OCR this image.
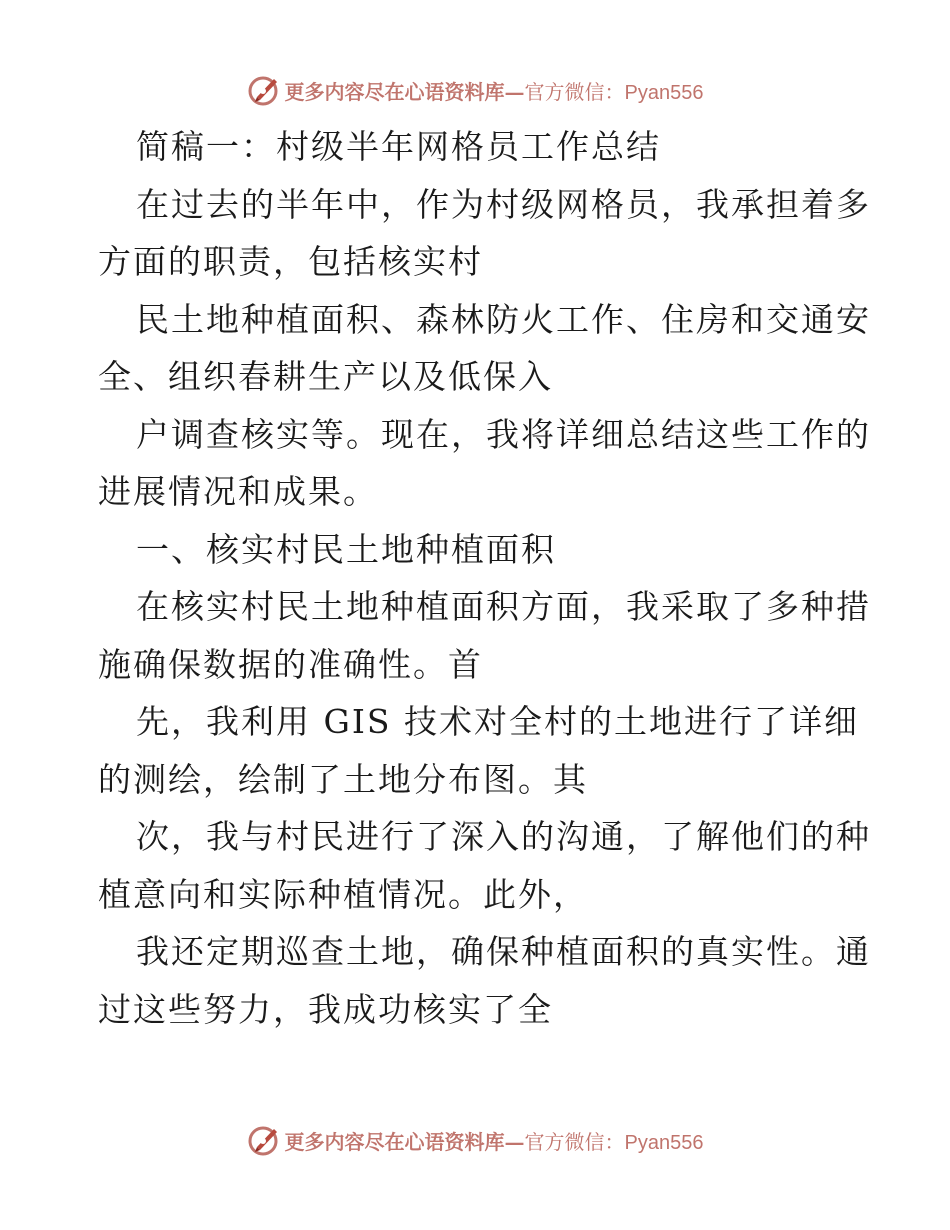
更多内容尽在心语资料库— 官方微信：Pyan556
简稿一：村级半年网格员工作总结
在过去的半年中，作为村级网格员，我承担着多
方面的职责，包括核实村
民土地种植面积、森林防火工作、住房和交通安
全、组织春耕生产以及低保入
户调查核实等。现在，我将详细总结这些工作的
进展情况和成果。
一、核实村民土地种植面积
在核实村民土地种植面积方面，我采取了多种措
施确保数据的准确性。首
先，我利用 GIS 技术对全村的土地进行了详细
的测绘，绘制了土地分布图。其
次，我与村民进行了深入的沟通，了解他们的种
植意向和实际种植情况。此外，
我还定期巡查土地，确保种植面积的真实性。通
过这些努力，我成功核实了全
更多内容尽在心语资料库— 官方微信：Pyan556
